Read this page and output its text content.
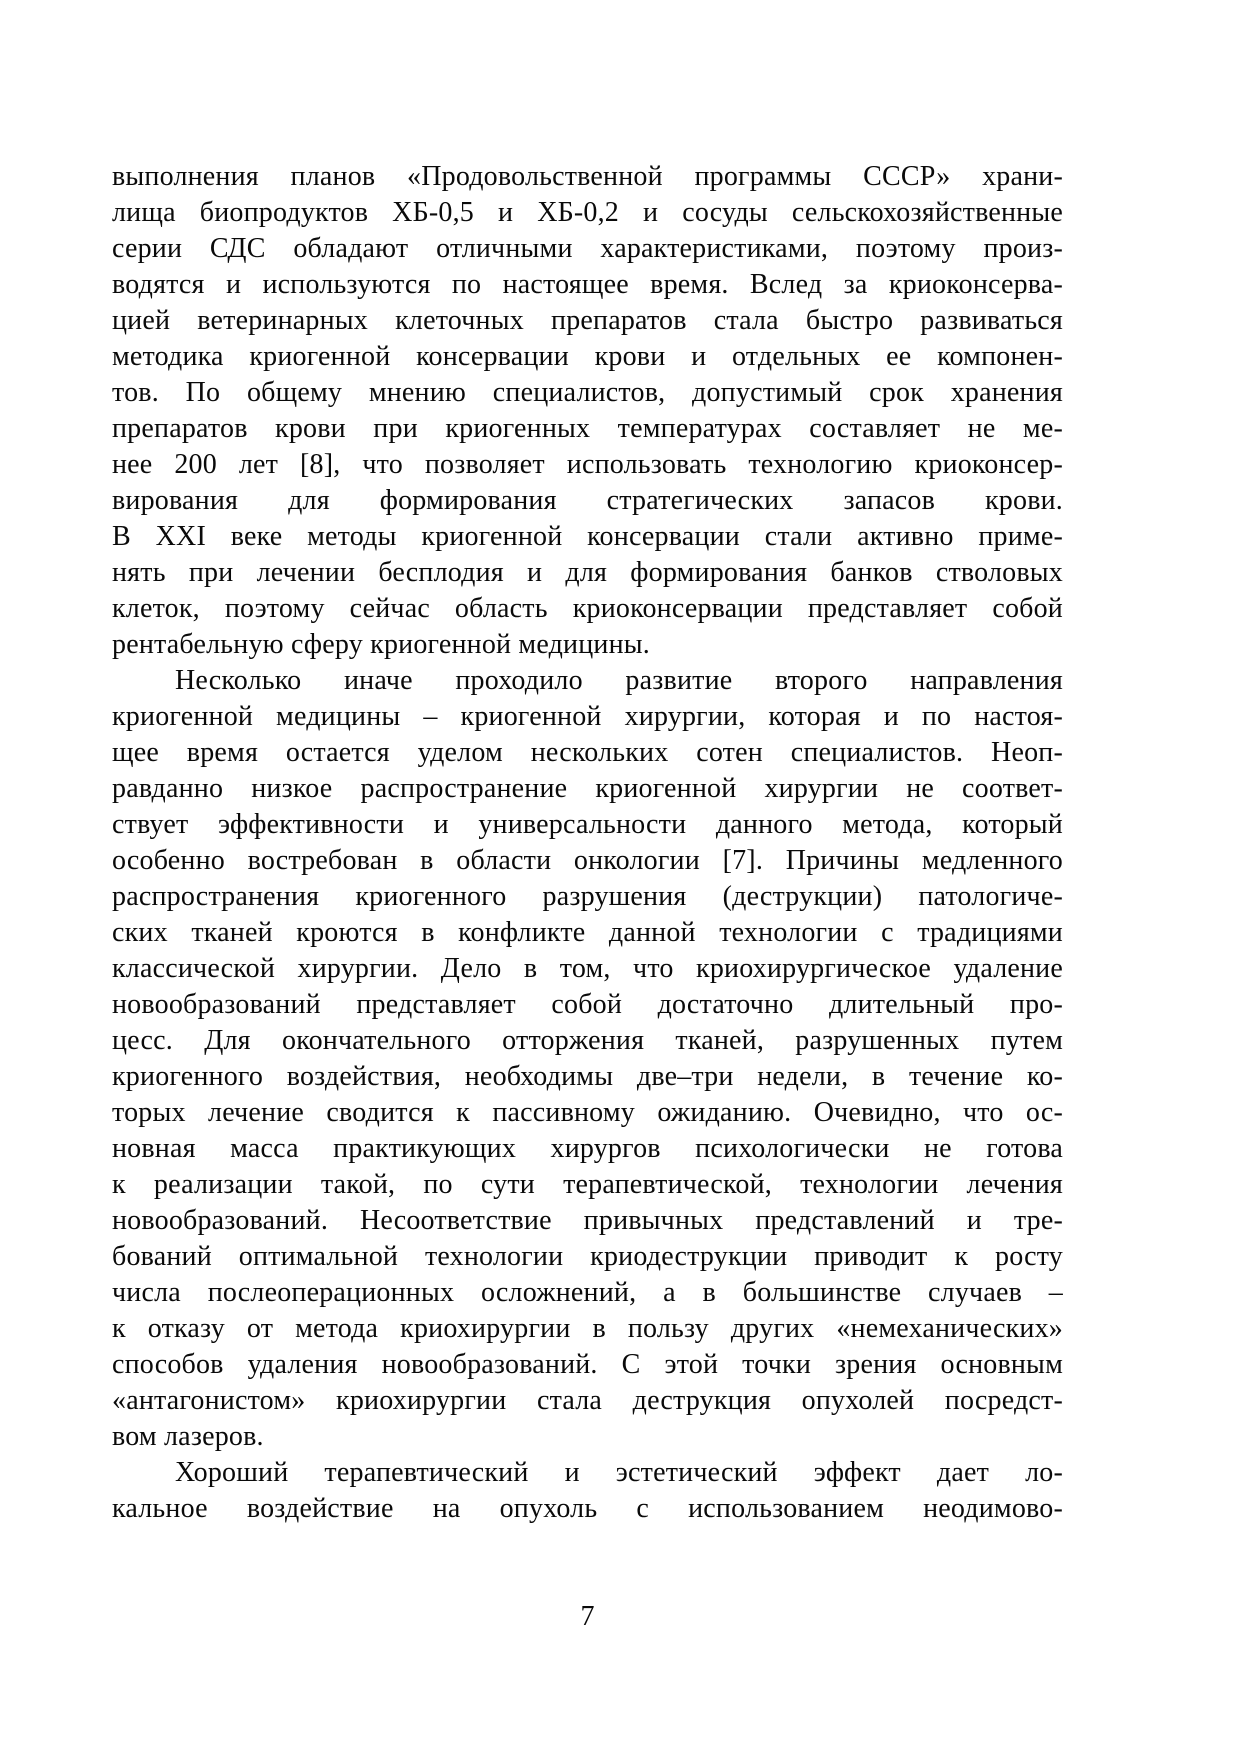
выполнения планов «Продовольственной программы СССР» храни-
лища биопродуктов ХБ-0,5 и ХБ-0,2 и сосуды сельскохозяйственные
серии СДС обладают отличными характеристиками, поэтому произ-
водятся и используются по настоящее время. Вслед за криоконсерва-
цией ветеринарных клеточных препаратов стала быстро развиваться
методика криогенной консервации крови и отдельных ее компонен-
тов. По общему мнению специалистов, допустимый срок хранения
препаратов крови при криогенных температурах составляет не ме-
нее 200 лет [8], что позволяет использовать технологию криоконсер-
вирования для формирования стратегических запасов крови.
В XXI веке методы криогенной консервации стали активно приме-
нять при лечении бесплодия и для формирования банков стволовых
клеток, поэтому сейчас область криоконсервации представляет собой
рентабельную сферу криогенной медицины.
Несколько иначе проходило развитие второго направления
криогенной медицины – криогенной хирургии, которая и по настоя-
щее время остается уделом нескольких сотен специалистов. Неоп-
равданно низкое распространение криогенной хирургии не соответ-
ствует эффективности и универсальности данного метода, который
особенно востребован в области онкологии [7]. Причины медленного
распространения криогенного разрушения (деструкции) патологиче-
ских тканей кроются в конфликте данной технологии с традициями
классической хирургии. Дело в том, что криохирургическое удаление
новообразований представляет собой достаточно длительный про-
цесс. Для окончательного отторжения тканей, разрушенных путем
криогенного воздействия, необходимы две–три недели, в течение ко-
торых лечение сводится к пассивному ожиданию. Очевидно, что ос-
новная масса практикующих хирургов психологически не готова
к реализации такой, по сути терапевтической, технологии лечения
новообразований. Несоответствие привычных представлений и тре-
бований оптимальной технологии криодеструкции приводит к росту
числа послеоперационных осложнений, а в большинстве случаев –
к отказу от метода криохирургии в пользу других «немеханических»
способов удаления новообразований. С этой точки зрения основным
«антагонистом» криохирургии стала деструкция опухолей посредст-
вом лазеров.
Хороший терапевтический и эстетический эффект дает ло-
кальное воздействие на опухоль с использованием неодимово-
7
